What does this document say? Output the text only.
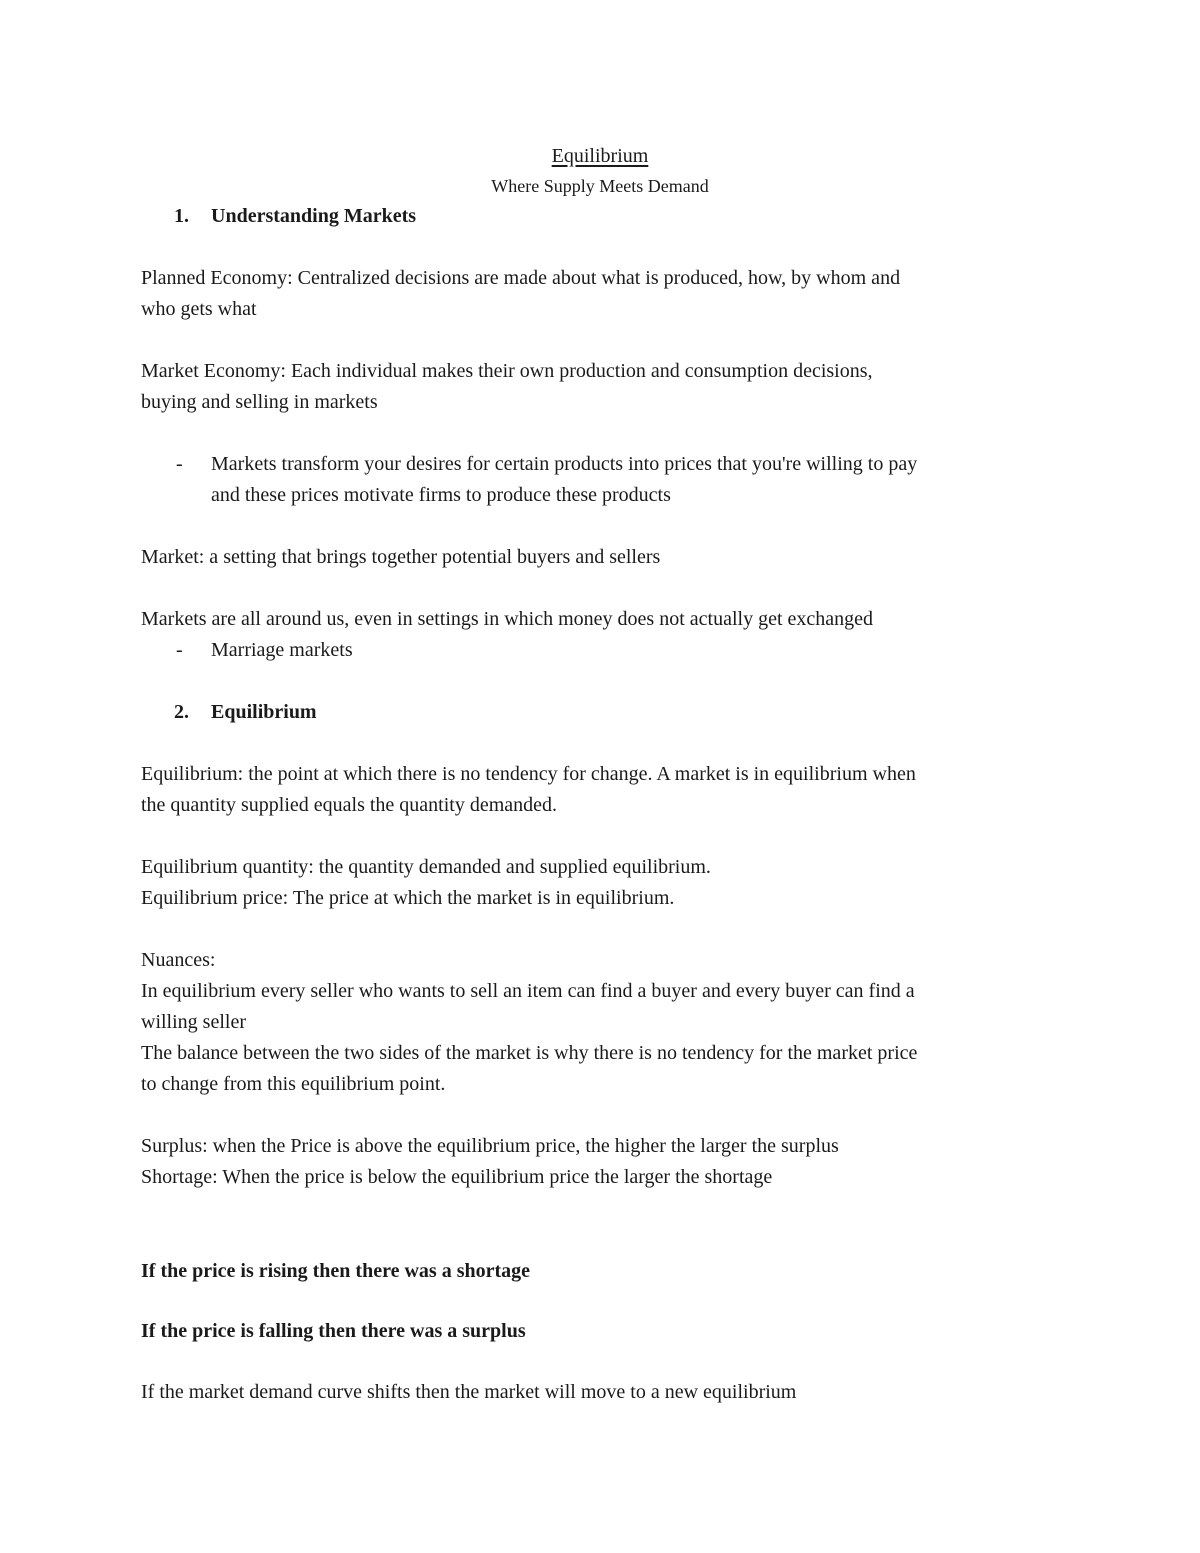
Equilibrium
Where Supply Meets Demand
1. Understanding Markets
Planned Economy: Centralized decisions are made about what is produced, how, by whom and
who gets what
Market Economy: Each individual makes their own production and consumption decisions,
buying and selling in markets
- Markets transform your desires for certain products into prices that you're willing to pay
and these prices motivate firms to produce these products
Market: a setting that brings together potential buyers and sellers
Markets are all around us, even in settings in which money does not actually get exchanged
- Marriage markets
2. Equilibrium
Equilibrium: the point at which there is no tendency for change. A market is in equilibrium when
the quantity supplied equals the quantity demanded.
Equilibrium quantity: the quantity demanded and supplied equilibrium.
Equilibrium price: The price at which the market is in equilibrium.
Nuances:
In equilibrium every seller who wants to sell an item can find a buyer and every buyer can find a
willing seller
The balance between the two sides of the market is why there is no tendency for the market price
to change from this equilibrium point.
Surplus: when the Price is above the equilibrium price, the higher the larger the surplus
Shortage: When the price is below the equilibrium price the larger the shortage
If the price is rising then there was a shortage
If the price is falling then there was a surplus
If the market demand curve shifts then the market will move to a new equilibrium
